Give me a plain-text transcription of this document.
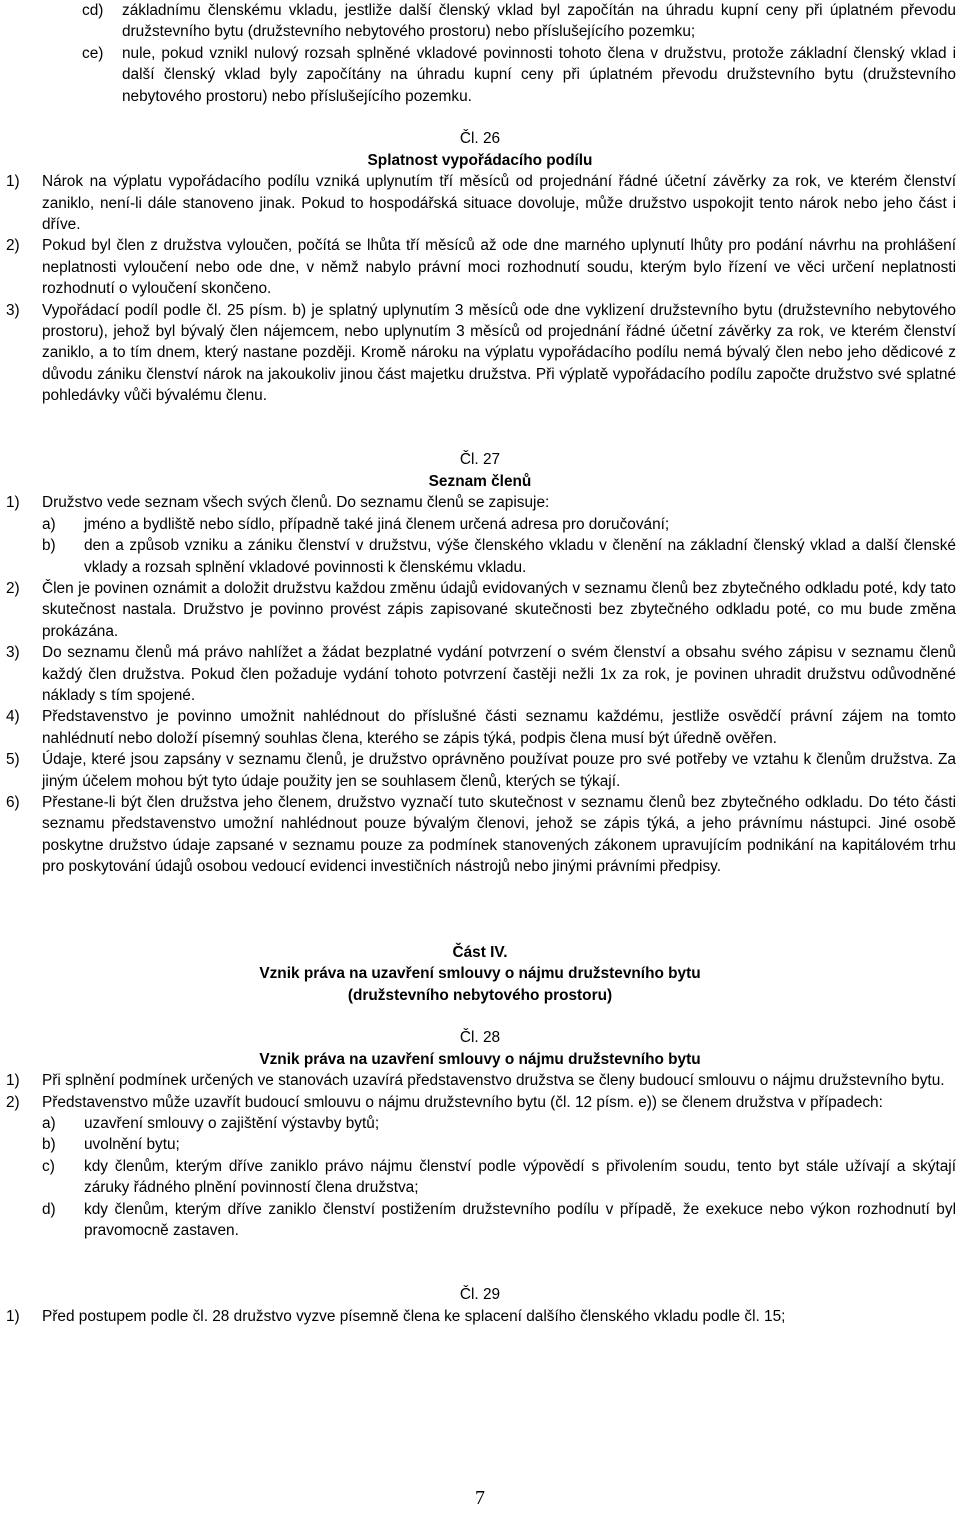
cd) základnímu členskému vkladu, jestliže další členský vklad byl započítán na úhradu kupní ceny při úplatném převodu družstevního bytu (družstevního nebytového prostoru) nebo příslušejícího pozemku;
ce) nule, pokud vznikl nulový rozsah splněné vkladové povinnosti tohoto člena v družstvu, protože základní členský vklad i další členský vklad byly započítány na úhradu kupní ceny při úplatném převodu družstevního bytu (družstevního nebytového prostoru) nebo příslušejícího pozemku.
Čl. 26
Splatnost vypořádacího podílu
1) Nárok na výplatu vypořádacího podílu vzniká uplynutím tří měsíců od projednání řádné účetní závěrky za rok, ve kterém členství zaniklo, není-li dále stanoveno jinak. Pokud to hospodářská situace dovoluje, může družstvo uspokojit tento nárok nebo jeho část i dříve.
2) Pokud byl člen z družstva vyloučen, počítá se lhůta tří měsíců až ode dne marného uplynutí lhůty pro podání návrhu na prohlášení neplatnosti vyloučení nebo ode dne, v němž nabylo právní moci rozhodnutí soudu, kterým bylo řízení ve věci určení neplatnosti rozhodnutí o vyloučení skončeno.
3) Vypořádací podíl podle čl. 25 písm. b) je splatný uplynutím 3 měsíců ode dne vyklizení družstevního bytu (družstevního nebytového prostoru), jehož byl bývalý člen nájemcem, nebo uplynutím 3 měsíců od projednání řádné účetní závěrky za rok, ve kterém členství zaniklo, a to tím dnem, který nastane později. Kromě nároku na výplatu vypořádacího podílu nemá bývalý člen nebo jeho dědicové z důvodu zániku členství nárok na jakoukoliv jinou část majetku družstva. Při výplatě vypořádacího podílu započte družstvo své splatné pohledávky vůči bývalému členu.
Čl. 27
Seznam členů
1) Družstvo vede seznam všech svých členů. Do seznamu členů se zapisuje:
a) jméno a bydliště nebo sídlo, případně také jiná členem určená adresa pro doručování;
b) den a způsob vzniku a zániku členství v družstvu, výše členského vkladu v členění na základní členský vklad a další členské vklady a rozsah splnění vkladové povinnosti k členskému vkladu.
2) Člen je povinen oznámit a doložit družstvu každou změnu údajů evidovaných v seznamu členů bez zbytečného odkladu poté, kdy tato skutečnost nastala. Družstvo je povinno provést zápis zapisované skutečnosti bez zbytečného odkladu poté, co mu bude změna prokázána.
3) Do seznamu členů má právo nahlížet a žádat bezplatné vydání potvrzení o svém členství a obsahu svého zápisu v seznamu členů každý člen družstva. Pokud člen požaduje vydání tohoto potvrzení častěji nežli 1x za rok, je povinen uhradit družstvu odůvodněné náklady s tím spojené.
4) Představenstvo je povinno umožnit nahlédnout do příslušné části seznamu každému, jestliže osvědčí právní zájem na tomto nahlédnutí nebo doloží písemný souhlas člena, kterého se zápis týká, podpis člena musí být úředně ověřen.
5) Údaje, které jsou zapsány v seznamu členů, je družstvo oprávněno používat pouze pro své potřeby ve vztahu k členům družstva. Za jiným účelem mohou být tyto údaje použity jen se souhlasem členů, kterých se týkají.
6) Přestane-li být člen družstva jeho členem, družstvo vyznačí tuto skutečnost v seznamu členů bez zbytečného odkladu. Do této části seznamu představenstvo umožní nahlédnout pouze bývalým členovi, jehož se zápis týká, a jeho právnímu nástupci. Jiné osobě poskytne družstvo údaje zapsané v seznamu pouze za podmínek stanovených zákonem upravujícím podnikání na kapitálovém trhu pro poskytování údajů osobou vedoucí evidenci investičních nástrojů nebo jinými právními předpisy.
Část IV.
Vznik práva na uzavření smlouvy o nájmu družstevního bytu
(družstevního nebytového prostoru)
Čl. 28
Vznik práva na uzavření smlouvy o nájmu družstevního bytu
1) Při splnění podmínek určených ve stanovách uzavírá představenstvo družstva se členy budoucí smlouvu o nájmu družstevního bytu.
2) Představenstvo může uzavřít budoucí smlouvu o nájmu družstevního bytu (čl. 12 písm. e)) se členem družstva v případech:
a) uzavření smlouvy o zajištění výstavby bytů;
b) uvolnění bytu;
c) kdy členům, kterým dříve zaniklo právo nájmu členství podle výpovědí s přivolením soudu, tento byt stále užívají a skýtají záruky řádného plnění povinností člena družstva;
d) kdy členům, kterým dříve zaniklo členství postižením družstevního podílu v případě, že exekuce nebo výkon rozhodnutí byl pravomocně zastaven.
Čl. 29
1) Před postupem podle čl. 28 družstvo vyzve písemně člena ke splacení dalšího členského vkladu podle čl. 15;
7
